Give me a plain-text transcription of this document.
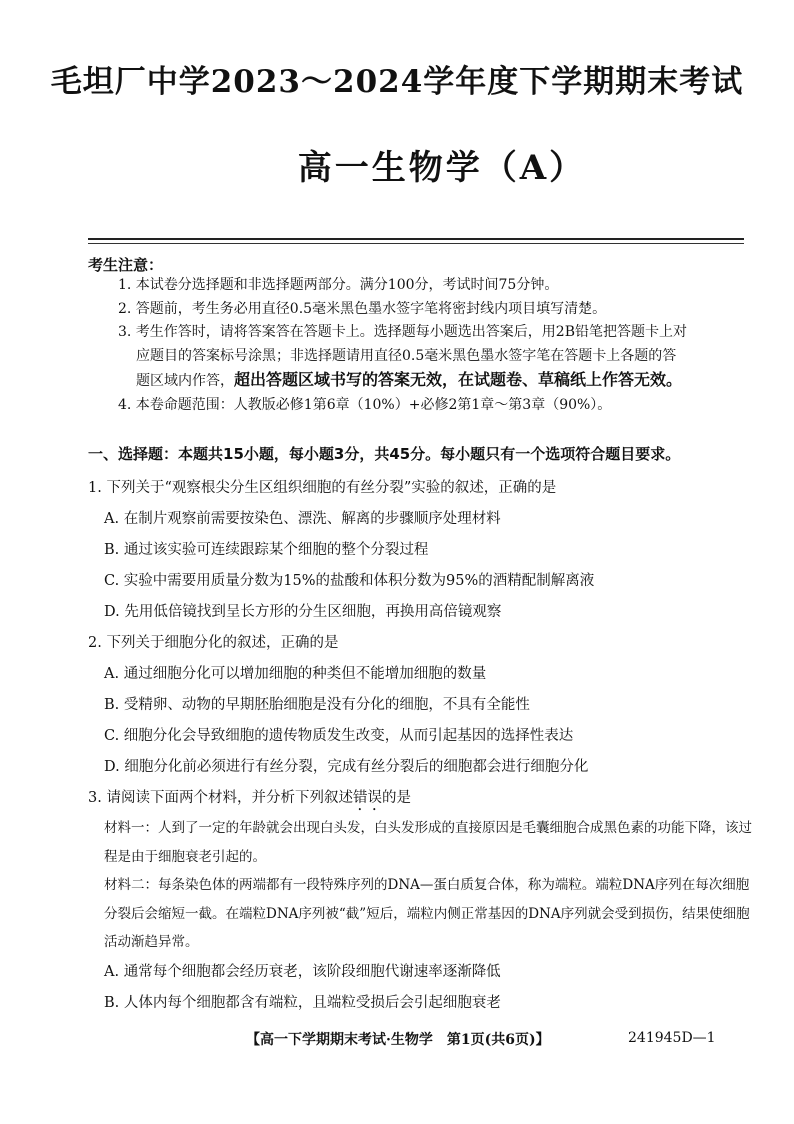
毛坦厂中学2023～2024学年度下学期期末考试
高一生物学（A）
考生注意：
1. 本试卷分选择题和非选择题两部分。满分100分，考试时间75分钟。
2. 答题前，考生务必用直径0.5毫米黑色墨水签字笔将密封线内项目填写清楚。
3. 考生作答时，请将答案答在答题卡上。选择题每小题选出答案后，用2B铅笔把答题卡上对
应题目的答案标号涂黑；非选择题请用直径0.5毫米黑色墨水签字笔在答题卡上各题的答
题区域内作答，超出答题区域书写的答案无效，在试题卷、草稿纸上作答无效。
4. 本卷命题范围：人教版必修1第6章（10%）+必修2第1章～第3章（90%）。
一、选择题：本题共15小题，每小题3分，共45分。每小题只有一个选项符合题目要求。
1. 下列关于“观察根尖分生区组织细胞的有丝分裂”实验的叙述，正确的是
A. 在制片观察前需要按染色、漂洗、解离的步骤顺序处理材料
B. 通过该实验可连续跟踪某个细胞的整个分裂过程
C. 实验中需要用质量分数为15%的盐酸和体积分数为95%的酒精配制解离液
D. 先用低倍镜找到呈长方形的分生区细胞，再换用高倍镜观察
2. 下列关于细胞分化的叙述，正确的是
A. 通过细胞分化可以增加细胞的种类但不能增加细胞的数量
B. 受精卵、动物的早期胚胎细胞是没有分化的细胞，不具有全能性
C. 细胞分化会导致细胞的遗传物质发生改变，从而引起基因的选择性表达
D. 细胞分化前必须进行有丝分裂，完成有丝分裂后的细胞都会进行细胞分化
3. 请阅读下面两个材料，并分析下列叙述错误的是
材料一：人到了一定的年龄就会出现白头发，白头发形成的直接原因是毛囊细胞合成黑色素的功能下降，该过程是由于细胞衰老引起的。
材料二：每条染色体的两端都有一段特殊序列的DNA—蛋白质复合体，称为端粒。端粒DNA序列在每次细胞分裂后会缩短一截。在端粒DNA序列被“截”短后，端粒内侧正常基因的DNA序列就会受到损伤，结果使细胞活动渐趋异常。
A. 通常每个细胞都会经历衰老，该阶段细胞代谢速率逐渐降低
B. 人体内每个细胞都含有端粒，且端粒受损后会引起细胞衰老
【高一下学期期末考试·生物学　第1页(共6页)】	241945D—1
